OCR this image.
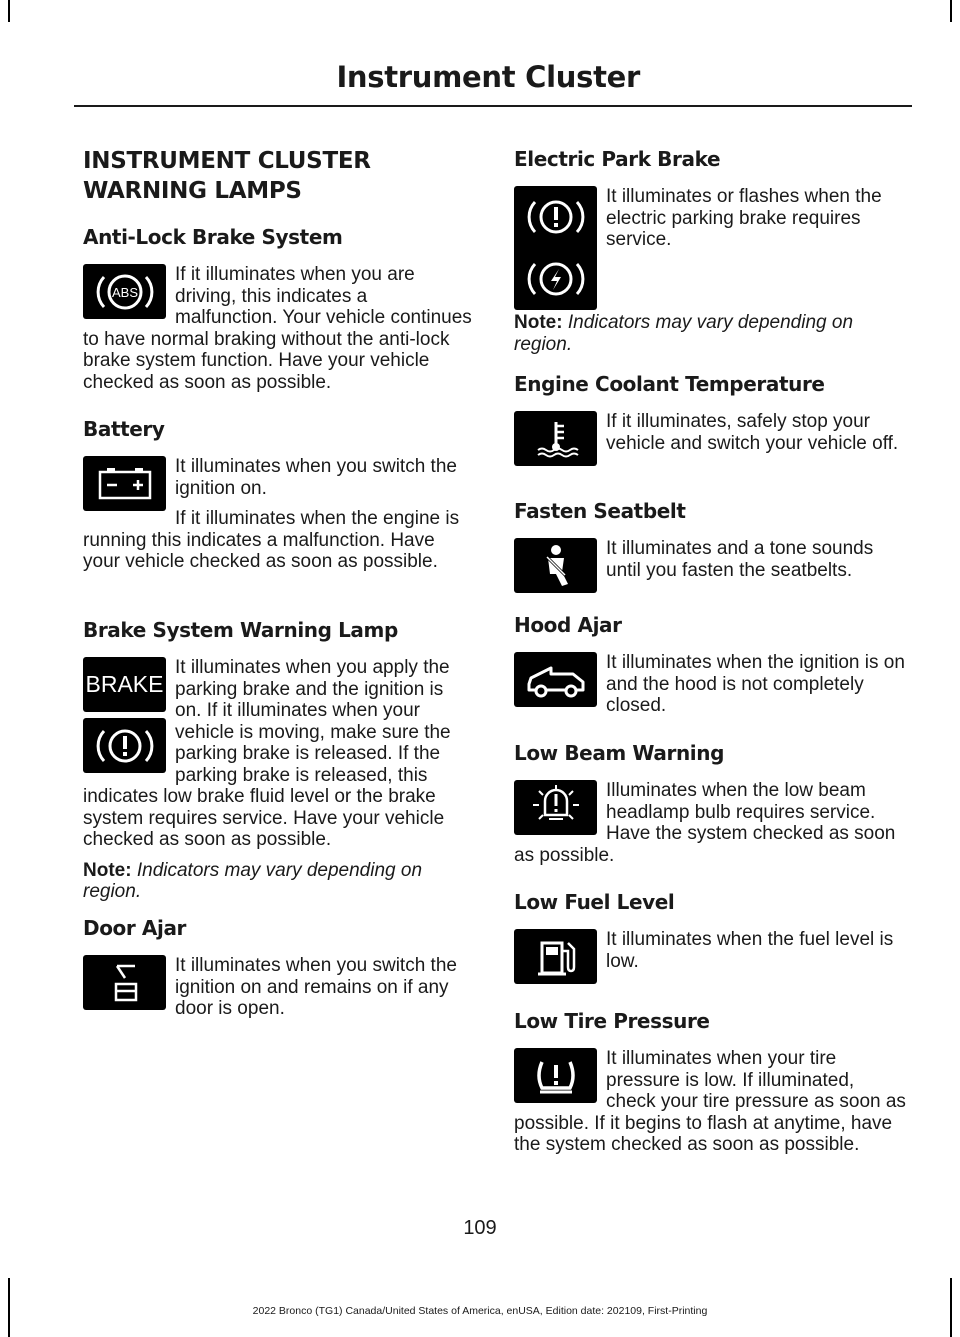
Instrument Cluster
INSTRUMENT CLUSTER
WARNING LAMPS
Anti-Lock Brake System
ABS

If it illuminates when you are driving, this indicates a malfunction. Your vehicle continues to have normal braking without the anti-lock brake system function. Have your vehicle checked as soon as possible.

Battery

It illuminates when you switch the ignition on.

If it illuminates when the engine is running this indicates a malfunction. Have your vehicle checked as soon as possible.

Brake System Warning Lamp
BRAKE

It illuminates when you apply the parking brake and the ignition is on. If it illuminates when your vehicle is moving, make sure the parking brake is released. If the parking brake is released, this indicates low brake fluid level or the brake system requires service. Have your vehicle checked as soon as possible.

Note: Indicators may vary depending on region.

Door Ajar

It illuminates when you switch the ignition on and remains on if any door is open.

Electric Park Brake

It illuminates or flashes when the electric parking brake requires service.

Note: Indicators may vary depending on region.

Engine Coolant Temperature

If it illuminates, safely stop your vehicle and switch your vehicle off.

Fasten Seatbelt

It illuminates and a tone sounds until you fasten the seatbelts.

Hood Ajar

It illuminates when the ignition is on and the hood is not completely closed.

Low Beam Warning

Illuminates when the low beam headlamp bulb requires service. Have the system checked as soon as possible.

Low Fuel Level

It illuminates when the fuel level is low.

Low Tire Pressure

It illuminates when your tire pressure is low. If illuminated, check your tire pressure as soon as possible. If it begins to flash at anytime, have the system checked as soon as possible.

109
2022 Bronco (TG1) Canada/United States of America, enUSA, Edition date: 202109, First-Printing
